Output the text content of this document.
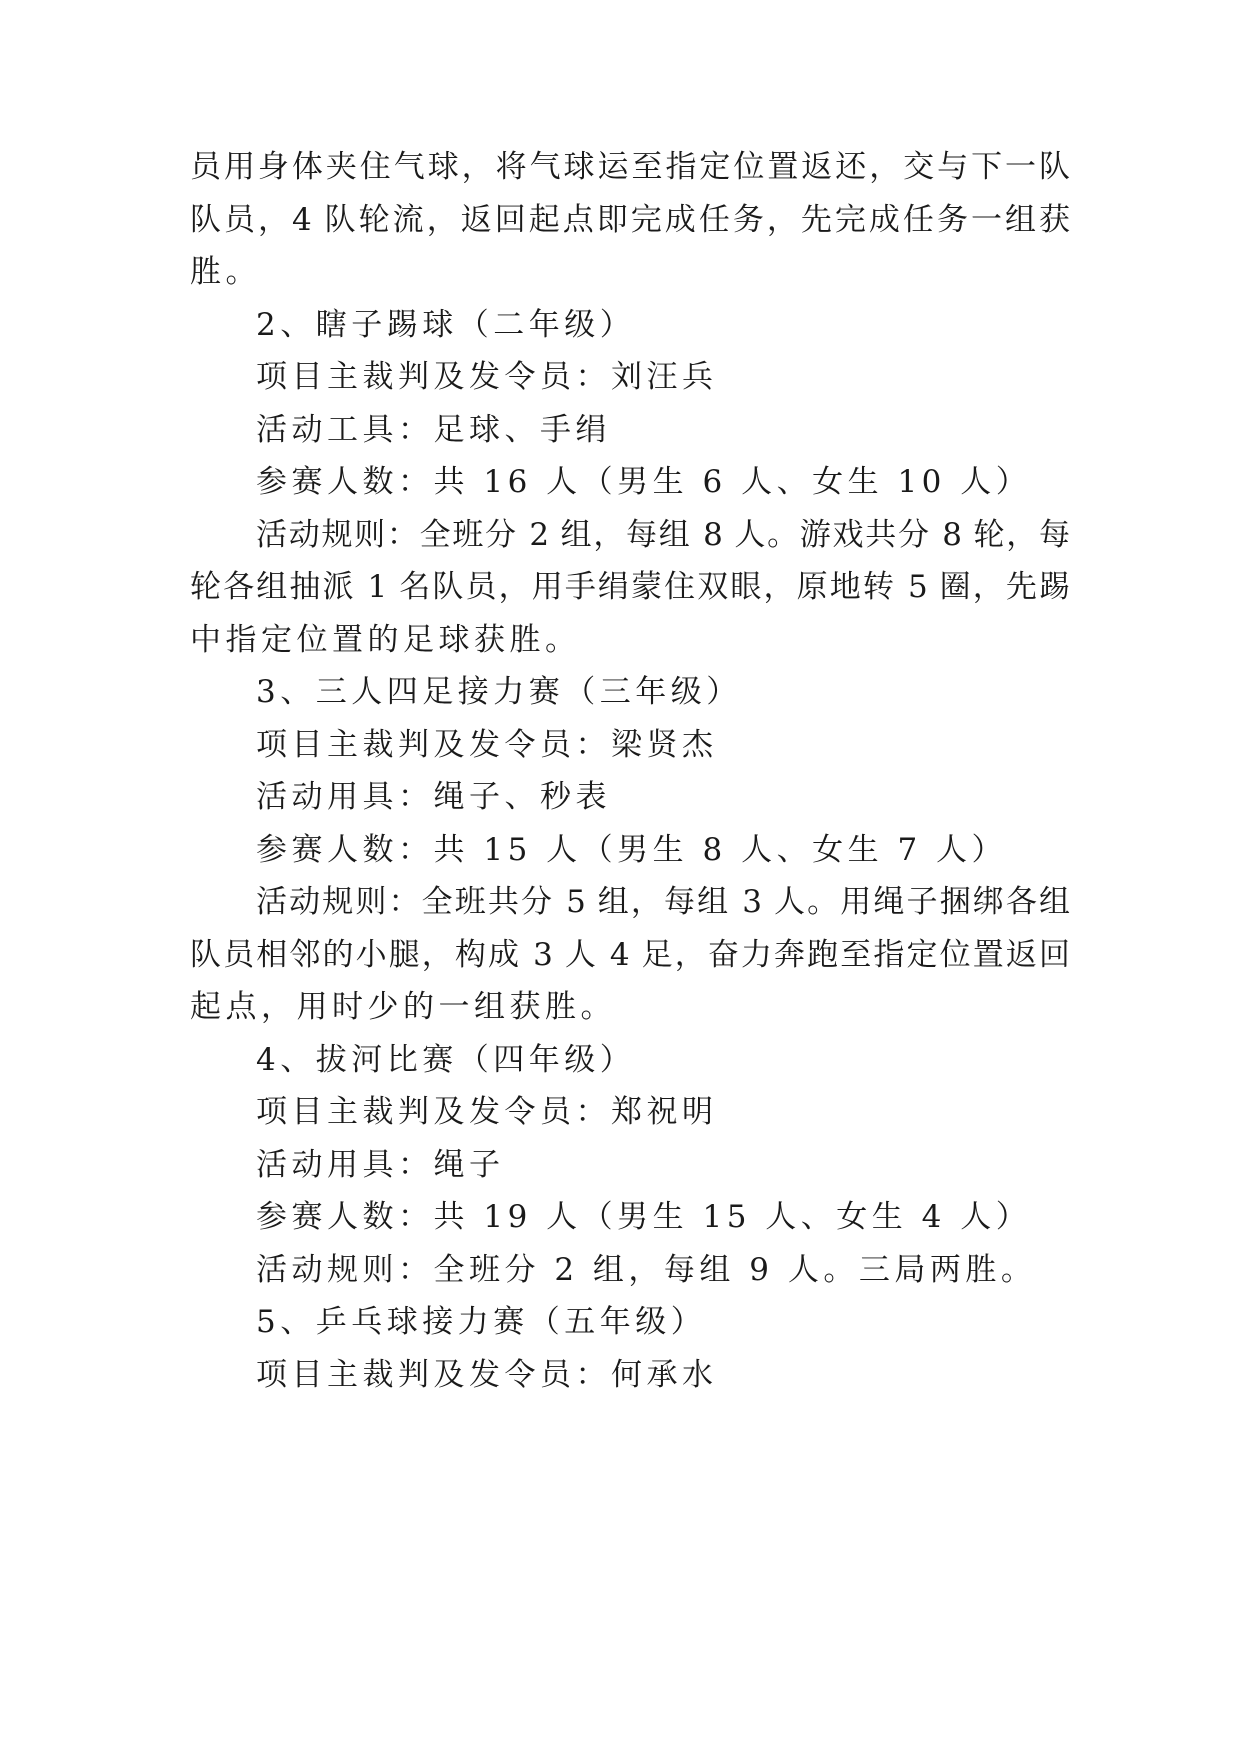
员用身体夹住气球，将气球运至指定位置返还，交与下一队
队员，4 队轮流，返回起点即完成任务，先完成任务一组获
胜。
2、瞎子踢球（二年级）
项目主裁判及发令员：刘汪兵
活动工具：足球、手绢
参赛人数：共 16 人（男生 6 人、女生 10 人）
活动规则：全班分 2 组，每组 8 人。游戏共分 8 轮，每
轮各组抽派 1 名队员，用手绢蒙住双眼，原地转 5 圈，先踢
中指定位置的足球获胜。
3、三人四足接力赛（三年级）
项目主裁判及发令员：梁贤杰
活动用具：绳子、秒表
参赛人数：共 15 人（男生 8 人、女生 7 人）
活动规则：全班共分 5 组，每组 3 人。用绳子捆绑各组
队员相邻的小腿，构成 3 人 4 足，奋力奔跑至指定位置返回
起点，用时少的一组获胜。
4、拔河比赛（四年级）
项目主裁判及发令员：郑祝明
活动用具：绳子
参赛人数：共 19 人（男生 15 人、女生 4 人）
活动规则：全班分 2 组，每组 9 人。三局两胜。
5、乒乓球接力赛（五年级）
项目主裁判及发令员：何承水
